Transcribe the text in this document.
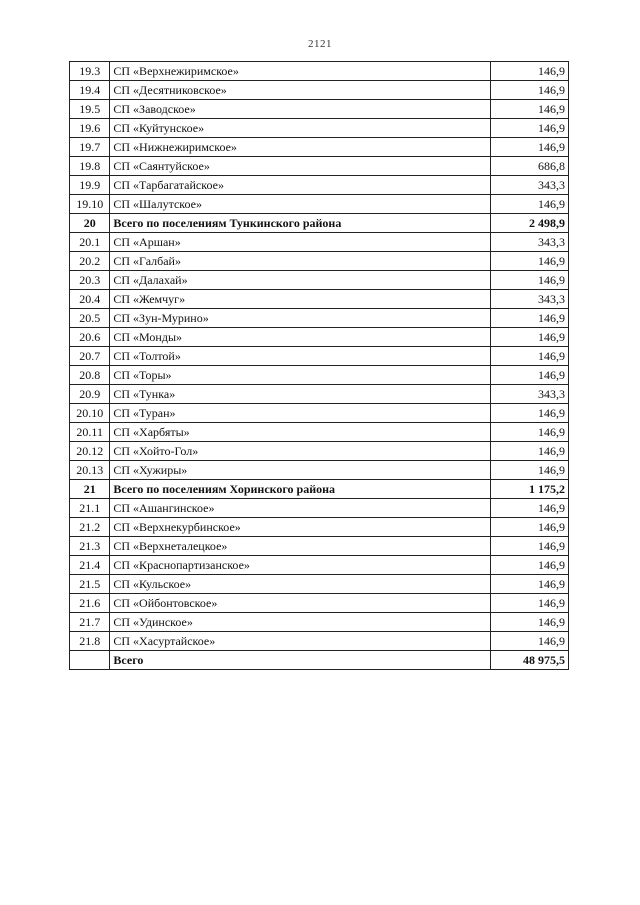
2121
19.3	СП «Верхнежиримское»	146,9
19.4	СП «Десятниковское»	146,9
19.5	СП «Заводское»	146,9
19.6	СП «Куйтунское»	146,9
19.7	СП «Нижнежиримское»	146,9
19.8	СП «Саянтуйское»	686,8
19.9	СП «Тарбагатайское»	343,3
19.10	СП «Шалутское»	146,9
20	Всего по поселениям Тункинского района	2 498,9
20.1	СП «Аршан»	343,3
20.2	СП «Галбай»	146,9
20.3	СП «Далахай»	146,9
20.4	СП «Жемчуг»	343,3
20.5	СП «Зун-Мурино»	146,9
20.6	СП «Монды»	146,9
20.7	СП «Толтой»	146,9
20.8	СП «Торы»	146,9
20.9	СП «Тунка»	343,3
20.10	СП «Туран»	146,9
20.11	СП «Харбяты»	146,9
20.12	СП «Хойто-Гол»	146,9
20.13	СП «Хужиры»	146,9
21	Всего по поселениям Хоринского района	1 175,2
21.1	СП «Ашангинское»	146,9
21.2	СП «Верхнекурбинское»	146,9
21.3	СП «Верхнеталецкое»	146,9
21.4	СП «Краснопартизанское»	146,9
21.5	СП «Кульское»	146,9
21.6	СП «Ойбонтовское»	146,9
21.7	СП «Удинское»	146,9
21.8	СП «Хасуртайское»	146,9
	Всего	48 975,5
